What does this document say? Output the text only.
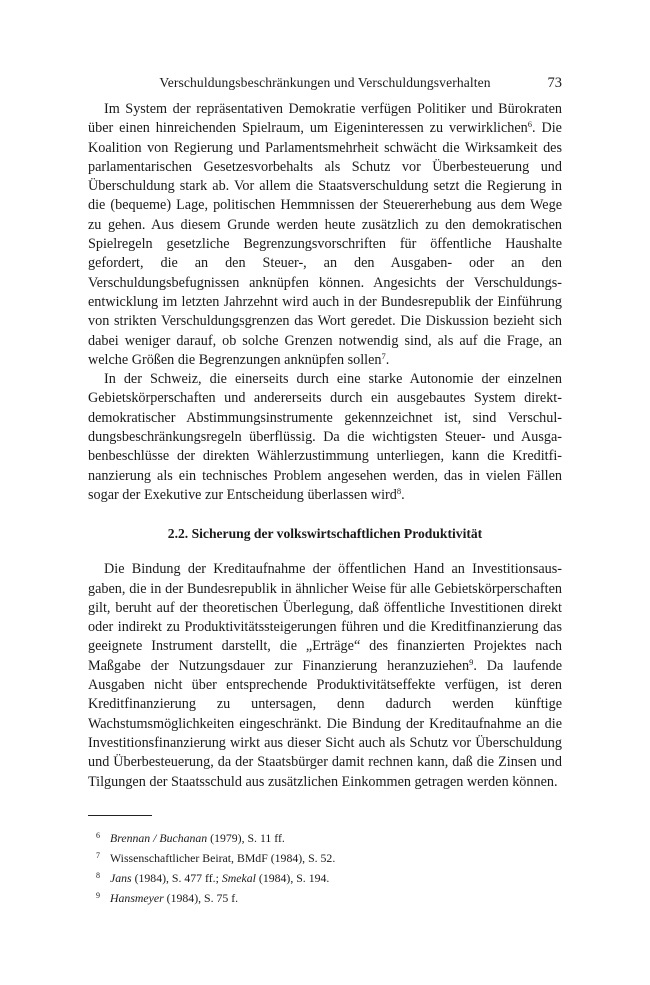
Verschuldungsbeschränkungen und Verschuldungsverhalten	73

Im System der repräsentativen Demokratie verfügen Politiker und Bürokraten über einen hinreichenden Spielraum, um Eigeninteressen zu verwirklichen$^6$. Die Koalition von Regierung und Parlamentsmehrheit schwächt die Wirksamkeit des parlamentarischen Gesetzesvorbehalts als Schutz vor Überbesteuerung und Überschuldung stark ab. Vor allem die Staatsverschuldung setzt die Regierung in die (bequeme) Lage, politischen Hemmnissen der Steuererhebung aus dem Wege zu gehen. Aus diesem Grunde werden heute zusätzlich zu den demokratischen Spielregeln gesetzliche Begrenzungsvorschriften für öffentliche Haushalte gefordert, die an den Steuer-, an den Ausgaben- oder an den Verschuldungsbefugnissen anknüpfen können. Angesichts der Verschuldungsentwicklung im letzten Jahrzehnt wird auch in der Bundesrepublik der Einführung von strikten Verschuldungsgrenzen das Wort geredet. Die Diskussion bezieht sich dabei weniger darauf, ob solche Grenzen notwendig sind, als auf die Frage, an welche Größen die Begrenzungen anknüpfen sollen$^7$.

In der Schweiz, die einerseits durch eine starke Autonomie der einzelnen Gebietskörperschaften und andererseits durch ein ausgebautes System direktdemokratischer Abstimmungsinstrumente gekennzeichnet ist, sind Verschuldungsbeschränkungsregeln überflüssig. Da die wichtigsten Steuer- und Ausgabenbeschlüsse der direkten Wählerzustimmung unterliegen, kann die Kreditfinanzierung als ein technisches Problem angesehen werden, das in vielen Fällen sogar der Exekutive zur Entscheidung überlassen wird$^8$.

2.2. Sicherung der volkswirtschaftlichen Produktivität

Die Bindung der Kreditaufnahme der öffentlichen Hand an Investitionsausgaben, die in der Bundesrepublik in ähnlicher Weise für alle Gebietskörperschaften gilt, beruht auf der theoretischen Überlegung, daß öffentliche Investitionen direkt oder indirekt zu Produktivitätssteigerungen führen und die Kreditfinanzierung das geeignete Instrument darstellt, die „Erträge“ des finanzierten Projektes nach Maßgabe der Nutzungsdauer zur Finanzierung heranzuziehen$^9$. Da laufende Ausgaben nicht über entsprechende Produktivitätseffekte verfügen, ist deren Kreditfinanzierung zu untersagen, denn dadurch werden künftige Wachstumsmöglichkeiten eingeschränkt. Die Bindung der Kreditaufnahme an die Investitionsfinanzierung wirkt aus dieser Sicht auch als Schutz vor Überschuldung und Überbesteuerung, da der Staatsbürger damit rechnen kann, daß die Zinsen und Tilgungen der Staatsschuld aus zusätzlichen Einkommen getragen werden können.

6 Brennan / Buchanan (1979), S. 11 ff.
7 Wissenschaftlicher Beirat, BMdF (1984), S. 52.
8 Jans (1984), S. 477 ff.; Smekal (1984), S. 194.
9 Hansmeyer (1984), S. 75 f.
